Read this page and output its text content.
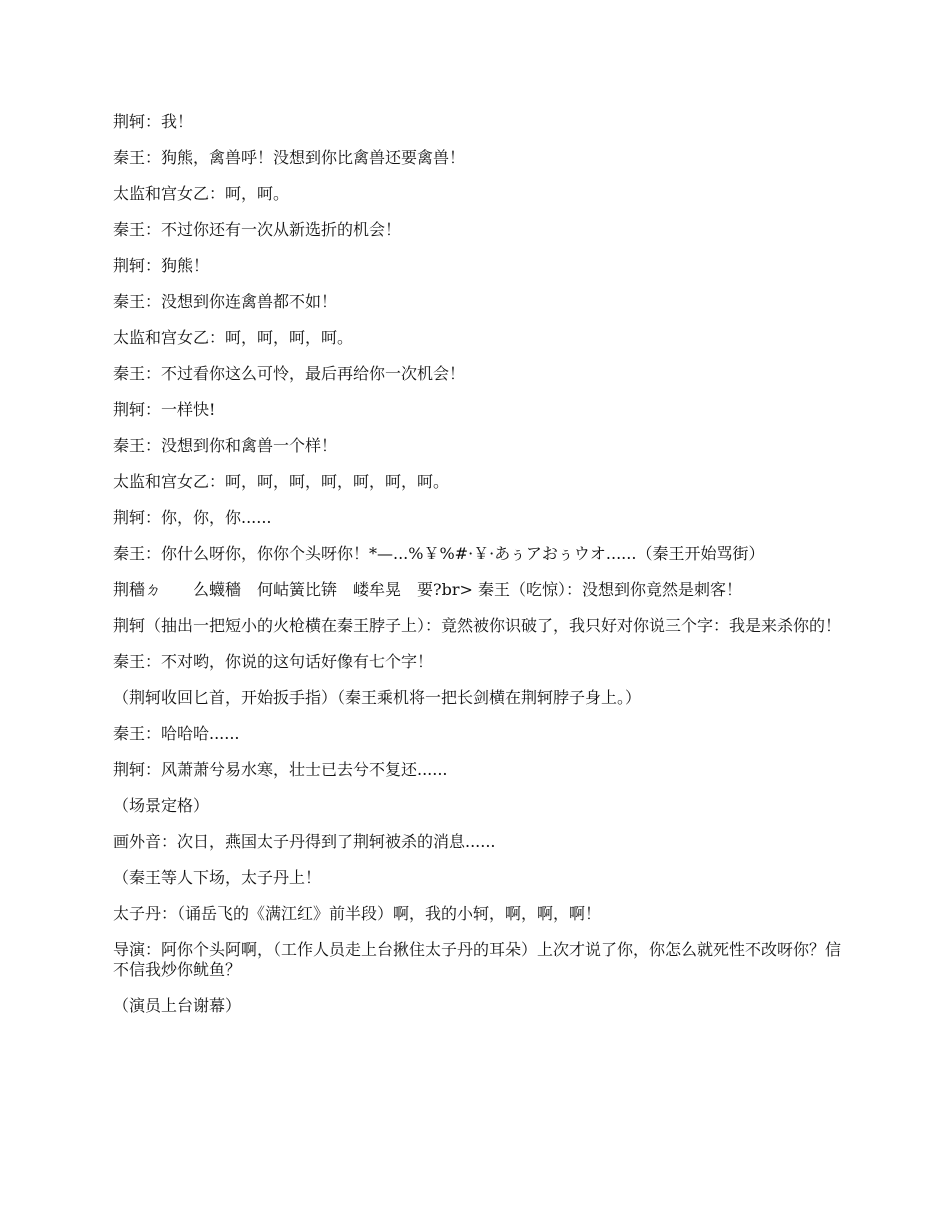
荆轲：我！

秦王：狗熊，禽兽呼！没想到你比禽兽还要禽兽！

太监和宫女乙：呵，呵。

秦王：不过你还有一次从新选折的机会！

荆轲：狗熊！

秦王：没想到你连禽兽都不如！

太监和宫女乙：呵，呵，呵，呵。

秦王：不过看你这么可怜，最后再给你一次机会！

荆轲：一样快!

秦王：没想到你和禽兽一个样！

太监和宫女乙：呵，呵，呵，呵，呵，呵，呵。

荆轲：你，你，你......

秦王：你什么呀你，你你个头呀你！*—...%￥%#·￥·あぅアおぅウオ......（秦王开始骂街）

荆穡ㄉ　　么蠛穡　何岵簧比锛　嵝牟晃　要?br> 秦王（吃惊）：没想到你竟然是刺客！

荆轲（抽出一把短小的火枪横在秦王脖子上）：竟然被你识破了，我只好对你说三个字：我是来杀你的！

秦王：不对哟，你说的这句话好像有七个字！

（荆轲收回匕首，开始扳手指）（秦王乘机将一把长剑横在荆轲脖子身上。）

秦王：哈哈哈......

荆轲：风萧萧兮易水寒，壮士已去兮不复还......

（场景定格）

画外音：次日，燕国太子丹得到了荆轲被杀的消息......

（秦王等人下场，太子丹上！

太子丹：（诵岳飞的《满江红》前半段）啊，我的小轲，啊，啊，啊！

导演：阿你个头阿啊，（工作人员走上台揪住太子丹的耳朵）上次才说了你，你怎么就死性不改呀你？信不信我炒你鱿鱼？

（演员上台谢幕）
